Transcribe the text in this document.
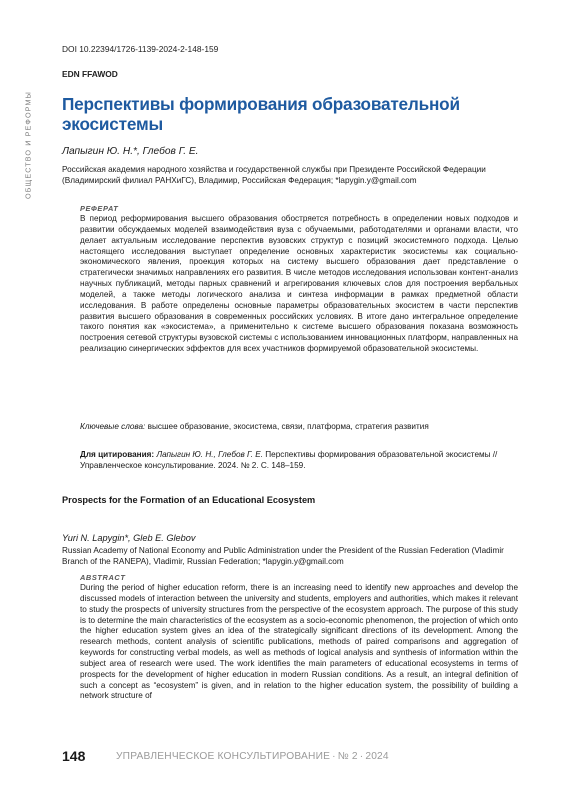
ОБЩЕСТВО И РЕФОРМЫ
DOI 10.22394/1726-1139-2024-2-148-159
EDN FFAWOD
Перспективы формирования образовательной экосистемы
Лапыгин Ю. Н.*, Глебов Г. Е.
Российская академия народного хозяйства и государственной службы при Президенте Российской Федерации (Владимирский филиал РАНХиГС), Владимир, Российская Федерация; *lapygin.y@gmail.com
РЕФЕРАТ

В период реформирования высшего образования обостряется потребность в определении новых подходов и развитии обсуждаемых моделей взаимодействия вуза с обучаемыми, работодателями и органами власти, что делает актуальным исследование перспектив вузовских структур с позиций экосистемного подхода. Целью настоящего исследования выступает определение основных характеристик экосистемы как социально-экономического явления, проекция которых на систему высшего образования дает представление о стратегически значимых направлениях его развития. В числе методов исследования использован контент-анализ научных публикаций, методы парных сравнений и агрегирования ключевых слов для построения вербальных моделей, а также методы логического анализа и синтеза информации в рамках предметной области исследования. В работе определены основные параметры образовательных экосистем в части перспектив развития высшего образования в современных российских условиях. В итоге дано интегральное определение такого понятия как «экосистема», а применительно к системе высшего образования показана возможность построения сетевой структуры вузовской системы с использованием инновационных платформ, направленных на реализацию синергических эффектов для всех участников формируемой образовательной экосистемы.

Ключевые слова: высшее образование, экосистема, связи, платформа, стратегия развития

Для цитирования: Лапыгин Ю. Н., Глебов Г. Е. Перспективы формирования образовательной экосистемы // Управленческое консультирование. 2024. № 2. С. 148–159.

Prospects for the Formation of an Educational Ecosystem
Yuri N. Lapygin*, Gleb E. Glebov
Russian Academy of National Economy and Public Administration under the President of the Russian Federation (Vladimir Branch of the RANEPA), Vladimir, Russian Federation; *lapygin.y@gmail.com
ABSTRACT

During the period of higher education reform, there is an increasing need to identify new approaches and develop the discussed models of interaction between the university and students, employers and authorities, which makes it relevant to study the prospects of university structures from the perspective of the ecosystem approach. The purpose of this study is to determine the main characteristics of the ecosystem as a socio-economic phenomenon, the projection of which onto the higher education system gives an idea of the strategically significant directions of its development. Among the research methods, content analysis of scientific publications, methods of paired comparisons and aggregation of keywords for constructing verbal models, as well as methods of logical analysis and synthesis of information within the subject area of research were used. The work identifies the main parameters of educational ecosystems in terms of prospects for the development of higher education in modern Russian conditions. As a result, an integral definition of such a concept as “ecosystem” is given, and in relation to the higher education system, the possibility of building a network structure of

148	УПРАВЛЕНЧЕСКОЕ КОНСУЛЬТИРОВАНИЕ · № 2 · 2024
